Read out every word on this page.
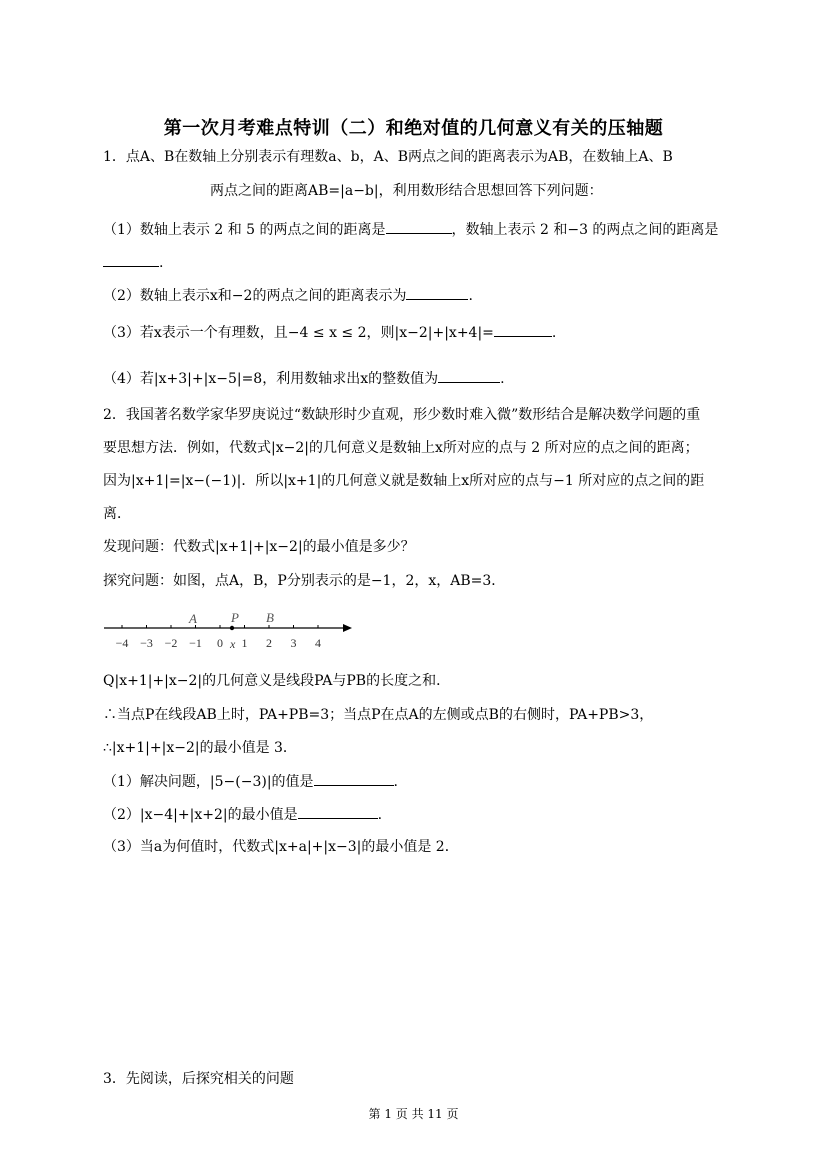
第一次月考难点特训（二）和绝对值的几何意义有关的压轴题
1．点A、B在数轴上分别表示有理数a、b，A、B两点之间的距离表示为AB，在数轴上A、B
两点之间的距离AB=|a−b|，利用数形结合思想回答下列问题：
（1）数轴上表示 2 和 5 的两点之间的距离是	，数轴上表示 2 和−3 的两点之间的距离是
.
（2）数轴上表示x和−2的两点之间的距离表示为	.
（3）若x表示一个有理数，且−4 ≤ x ≤ 2，则|x−2|+|x+4|=	.
（4）若|x+3|+|x−5|=8，利用数轴求出x的整数值为	.
2．我国著名数学家华罗庚说过“数缺形时少直观，形少数时难入微”数形结合是解决数学问题的重
要思想方法．例如，代数式|x−2|的几何意义是数轴上x所对应的点与 2 所对应的点之间的距离；
因为|x+1|=|x−(−1)|．所以|x+1|的几何意义就是数轴上x所对应的点与−1 所对应的点之间的距
离．
发现问题：代数式|x+1|+|x−2|的最小值是多少？
探究问题：如图，点A，B，P分别表示的是−1，2，x，AB=3．
−4 −3 −2 −1 0 1 2 3 4
A	P B
x
Q|x+1|+|x−2|的几何意义是线段PA与PB的长度之和．
∴当点P在线段AB上时，PA+PB=3；当点P在点A的左侧或点B的右侧时，PA+PB>3，
∴|x+1|+|x−2|的最小值是 3．
（1）解决问题，|5−(−3)|的值是	.
（2）|x−4|+|x+2|的最小值是	.
（3）当a为何值时，代数式|x+a|+|x−3|的最小值是 2．
3．先阅读，后探究相关的问题
第 1 页 共 11 页
